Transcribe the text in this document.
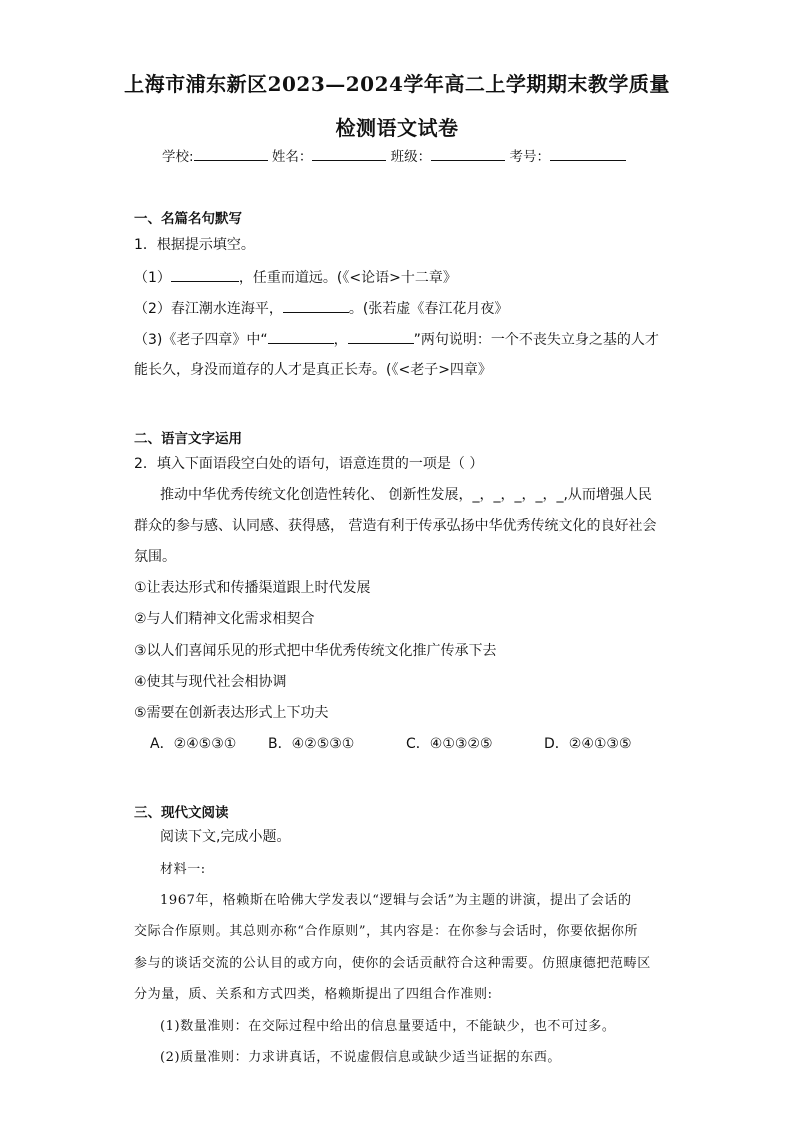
上海市浦东新区2023—2024学年高二上学期期末教学质量
检测语文试卷
学校:	姓名：	班级：	考号：
一、名篇名句默写
1．根据提示填空。
（1）	，任重而道远。(《<论语>十二章》
（2）春江潮水连海平，	。(张若虚《春江花月夜》
（3)《老子四章》中“	，	”两句说明：一个不丧失立身之基的人才
能长久，身没而道存的人才是真正长寿。(《<老子>四章》
二、语言文字运用
2．填入下面语段空白处的语句，语意连贯的一项是（ ）
推动中华优秀传统文化创造性转化、 创新性发展，_，_，_，_，_,从而增强人民
群众的参与感、认同感、获得感， 营造有利于传承弘扬中华优秀传统文化的良好社会
氛围。
①让表达形式和传播渠道跟上时代发展
②与人们精神文化需求相契合
③以人们喜闻乐见的形式把中华优秀传统文化推广传承下去
④使其与现代社会相协调
⑤需要在创新表达形式上下功夫
A．②④⑤③① B．④②⑤③①	C．④①③②⑤	D．②④①③⑤
三、现代文阅读
阅读下文,完成小题。
材料一:
1967年，格赖斯在哈佛大学发表以“逻辑与会话”为主题的讲演，提出了会话的
交际合作原则。其总则亦称“合作原则”，其内容是：在你参与会话时，你要依据你所
参与的谈话交流的公认目的或方向，使你的会话贡献符合这种需要。仿照康德把范畴区
分为量，质、关系和方式四类，格赖斯提出了四组合作准则:
(1)数量准则：在交际过程中给出的信息量要适中，不能缺少，也不可过多。
(2)质量准则：力求讲真话，不说虚假信息或缺少适当证据的东西。
